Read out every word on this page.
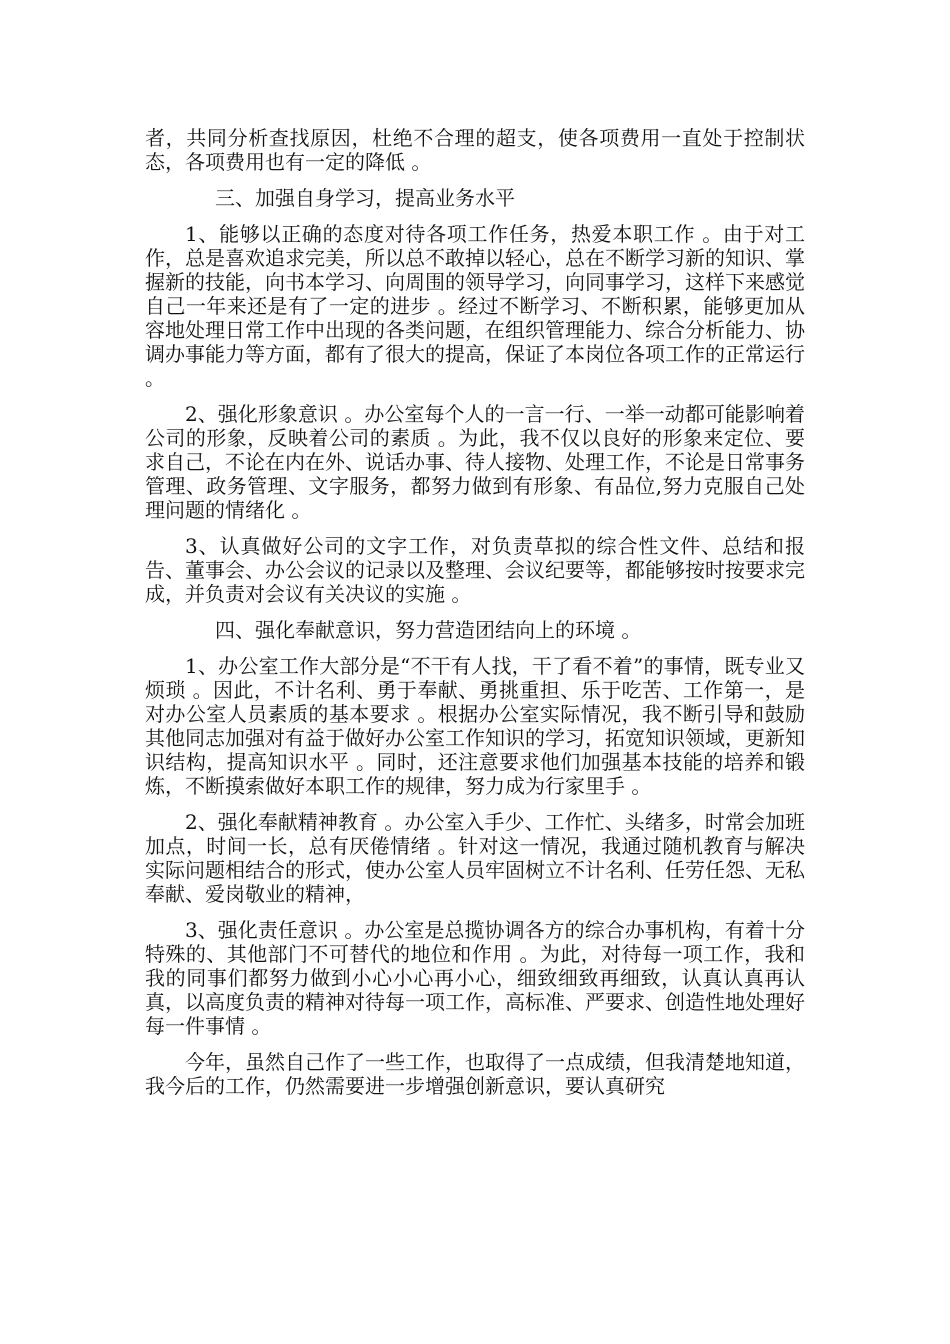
者，共同分析查找原因，杜绝不合理的超支，使各项费用一直处于控制状态，各项费用也有一定的降低 。

三、加强自身学习，提高业务水平

1、能够以正确的态度对待各项工作任务，热爱本职工作 。由于对工作，总是喜欢追求完美，所以总不敢掉以轻心，总在不断学习新的知识、掌握新的技能，向书本学习、向周围的领导学习，向同事学习，这样下来感觉自己一年来还是有了一定的进步 。经过不断学习、不断积累，能够更加从容地处理日常工作中出现的各类问题，在组织管理能力、综合分析能力、协调办事能力等方面，都有了很大的提高，保证了本岗位各项工作的正常运行 。

2、强化形象意识 。办公室每个人的一言一行、一举一动都可能影响着公司的形象，反映着公司的素质 。为此，我不仅以良好的形象来定位、要求自己，不论在内在外、说话办事、待人接物、处理工作，不论是日常事务管理、政务管理、文字服务，都努力做到有形象、有品位,努力克服自己处理问题的情绪化 。

3、认真做好公司的文字工作，对负责草拟的综合性文件、总结和报告、董事会、办公会议的记录以及整理、会议纪要等，都能够按时按要求完成，并负责对会议有关决议的实施 。

四、强化奉献意识，努力营造团结向上的环境 。

1、办公室工作大部分是“不干有人找，干了看不着”的事情，既专业又烦琐 。因此，不计名利、勇于奉献、勇挑重担、乐于吃苦、工作第一，是对办公室人员素质的基本要求 。根据办公室实际情况，我不断引导和鼓励其他同志加强对有益于做好办公室工作知识的学习，拓宽知识领域，更新知识结构，提高知识水平 。同时，还注意要求他们加强基本技能的培养和锻炼，不断摸索做好本职工作的规律，努力成为行家里手 。

2、强化奉献精神教育 。办公室入手少、工作忙、头绪多，时常会加班加点，时间一长，总有厌倦情绪 。针对这一情况，我通过随机教育与解决实际问题相结合的形式，使办公室人员牢固树立不计名利、任劳任怨、无私奉献、爱岗敬业的精神，

3、强化责任意识 。办公室是总揽协调各方的综合办事机构，有着十分特殊的、其他部门不可替代的地位和作用 。为此，对待每一项工作，我和我的同事们都努力做到小心小心再小心，细致细致再细致，认真认真再认真，以高度负责的精神对待每一项工作，高标准、严要求、创造性地处理好每一件事情 。

今年，虽然自己作了一些工作，也取得了一点成绩，但我清楚地知道，我今后的工作，仍然需要进一步增强创新意识，要认真研究
